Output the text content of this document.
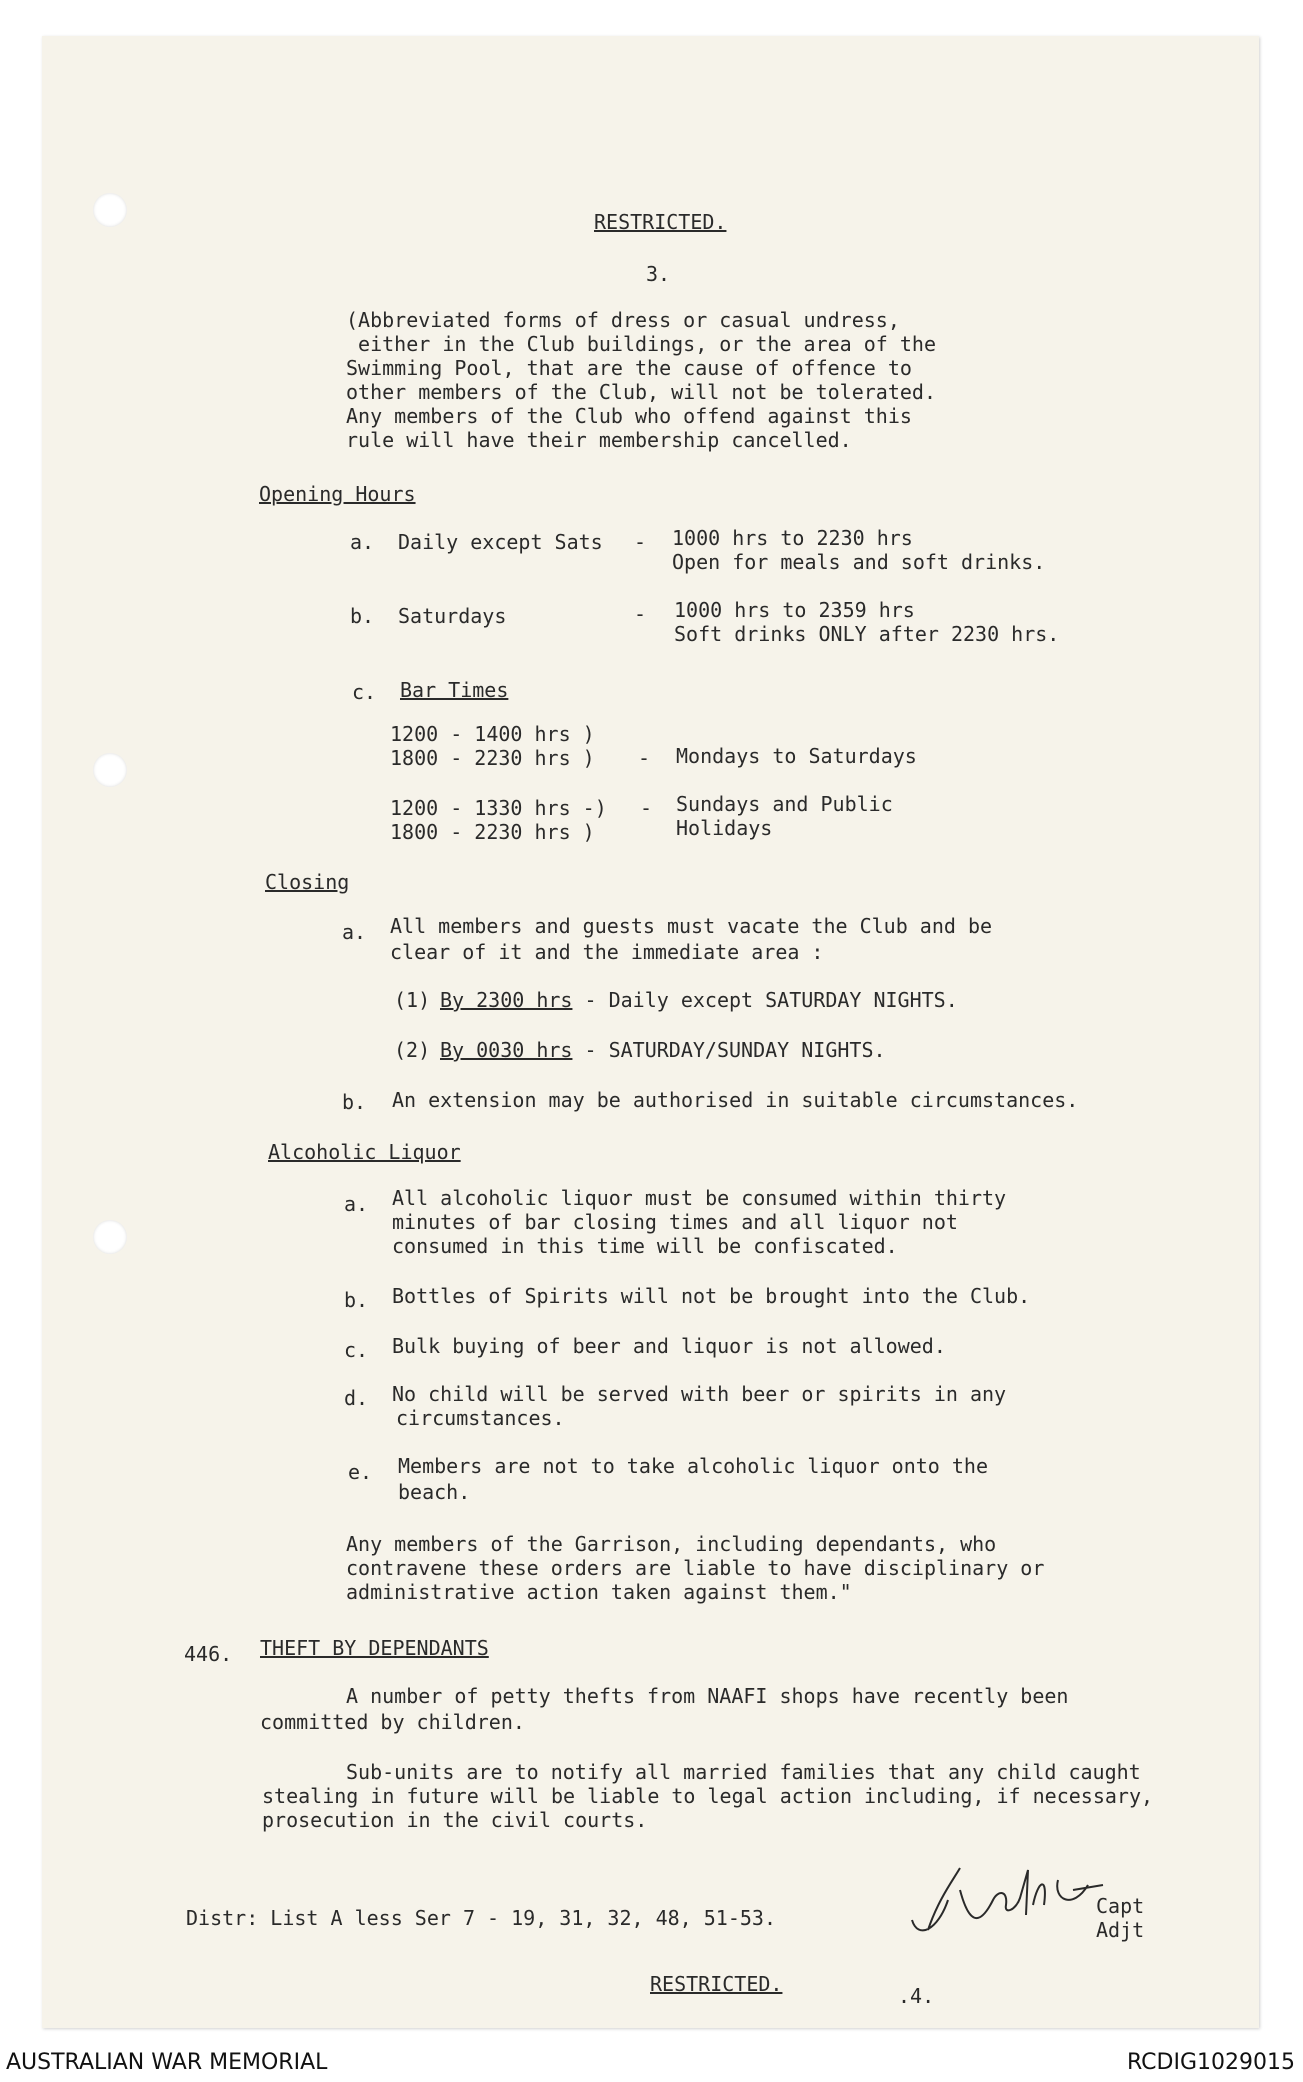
RESTRICTED.
3.
(Abbreviated forms of dress or casual undress,
either in the Club buildings, or the area of the
Swimming Pool, that are the cause of offence to
other members of the Club, will not be tolerated.
Any members of the Club who offend against this
rule will have their membership cancelled.
Opening Hours
a. Daily except Sats - 1000 hrs to 2230 hrs
Open for meals and soft drinks.
b. Saturdays	- 1000 hrs to 2359 hrs
Soft drinks ONLY after 2230 hrs.
c. Bar Times
1200 - 1400 hrs )
1800 - 2230 hrs ) - Mondays to Saturdays
1200 - 1330 hrs -)
1800 - 2230 hrs )
- Sundays and Public
Holidays
Closing
a. All members and guests must vacate the Club and be
clear of it and the immediate area :
(1) By 2300 hrs - Daily except SATURDAY NIGHTS.
(2) By 0030 hrs - SATURDAY/SUNDAY NIGHTS.
b. An extension may be authorised in suitable circumstances.
Alcoholic Liquor
a. All alcoholic liquor must be consumed within thirty
minutes of bar closing times and all liquor not
consumed in this time will be confiscated.
b. Bottles of Spirits will not be brought into the Club.
c. Bulk buying of beer and liquor is not allowed.
d. No child will be served with beer or spirits in any
circumstances.
e. Members are not to take alcoholic liquor onto the
beach.
Any members of the Garrison, including dependants, who
contravene these orders are liable to have disciplinary or
administrative action taken against them."
446. THEFT BY DEPENDANTS
A number of petty thefts from NAAFI shops have recently been
committed by children.
Sub-units are to notify all married families that any child caught
stealing in future will be liable to legal action including, if necessary,
prosecution in the civil courts.
Distr: List A less Ser 7 - 19, 31, 32, 48, 51-53.	Capt
Adjt
RESTRICTED.	.4.
AUSTRALIAN WAR MEMORIAL	RCDIG1029015
